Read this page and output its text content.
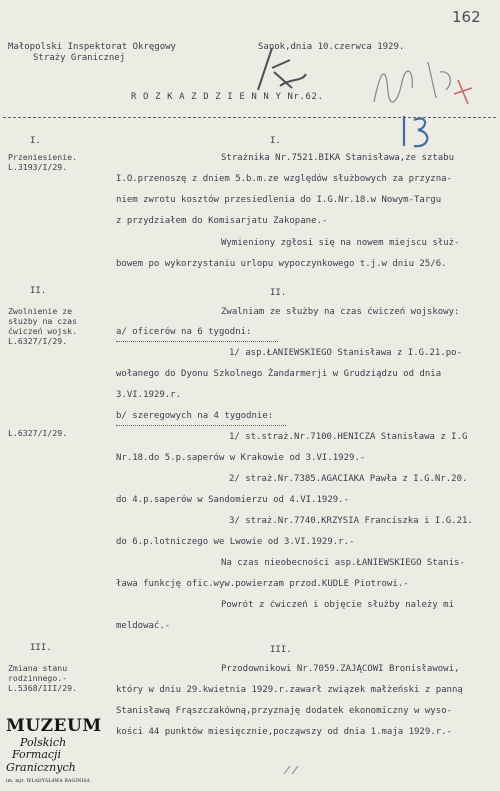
162
Małopolski Inspektorat Okręgowy
Straży Granicznej
Sanok,dnia 10.czerwca 1929.
R O Z K A Z D Z I E N N Y Nr.62.
I.	I.
Przeniesienie.
L.3193/I/29.
Strażnika Nr.7521.BIKA Stanisława,ze sztabu
I.O.przenoszę z dniem 5.b.m.ze względów służbowych za przyzna-
niem zwrotu kosztów przesiedlenia do I.G.Nr.18.w Nowym-Targu
z przydziałem do Komisarjatu Zakopane.-
Wymieniony zgłosi się na nowem miejscu służ-
bowem po wykorzystaniu urlopu wypoczynkowego t.j.w dniu 25/6.
II.	II.
Zwolnienie ze
służby na czas
ćwiczeń wojsk.
L.6327/I/29.
L.6327/I/29.
Zwalniam ze służby na czas ćwiczeń wojskowy:
a/ oficerów na 6 tygodni:
1/ asp.ŁANIEWSKIEGO Stanisława z I.G.21.po-
wołanego do Dyonu Szkolnego Żandarmerji w Grudziądzu od dnia
3.VI.1929.r.
b/ szeregowych na 4 tygodnie:
1/ st.straż.Nr.7100.HENICZA Stanisława z I.G
Nr.18.do 5.p.saperów w Krakowie od 3.VI.1929.-
2/ straż.Nr.7385.AGACIAKA Pawła z I.G.Nr.20.
do 4.p.saperów w Sandomierzu od 4.VI.1929.-
3/ straż.Nr.7740.KRZYSIA Franciszka i I.G.21.
do 6.p.lotniczego we Lwowie od 3.VI.1929.r.-
Na czas nieobecności asp.ŁANIEWSKIEGO Stanis-
ława funkcję ofic.wyw.powierzam przod.KUDLE Piotrowi.-
Powrót z ćwiczeń i objęcie służby należy mi
meldować.-
III.	III.
Zmiana stanu
rodzinnego.-
L.5368/III/29.
Przodownikowi Nr.7059.ZAJĄCOWI Bronisławowi,
który w dniu 29.kwietnia 1929.r.zawarł związek małżeński z panną
Stanisławą Frąszczakówną,przyznaję dodatek ekonomiczny w wyso-
kości 44 punktów miesięcznie,począwszy od dnia 1.maja 1929.r.-
MUZEUM
Polskich
Formacji
Granicznych
im. mjr. WŁADYSŁAWA RAGINISA
